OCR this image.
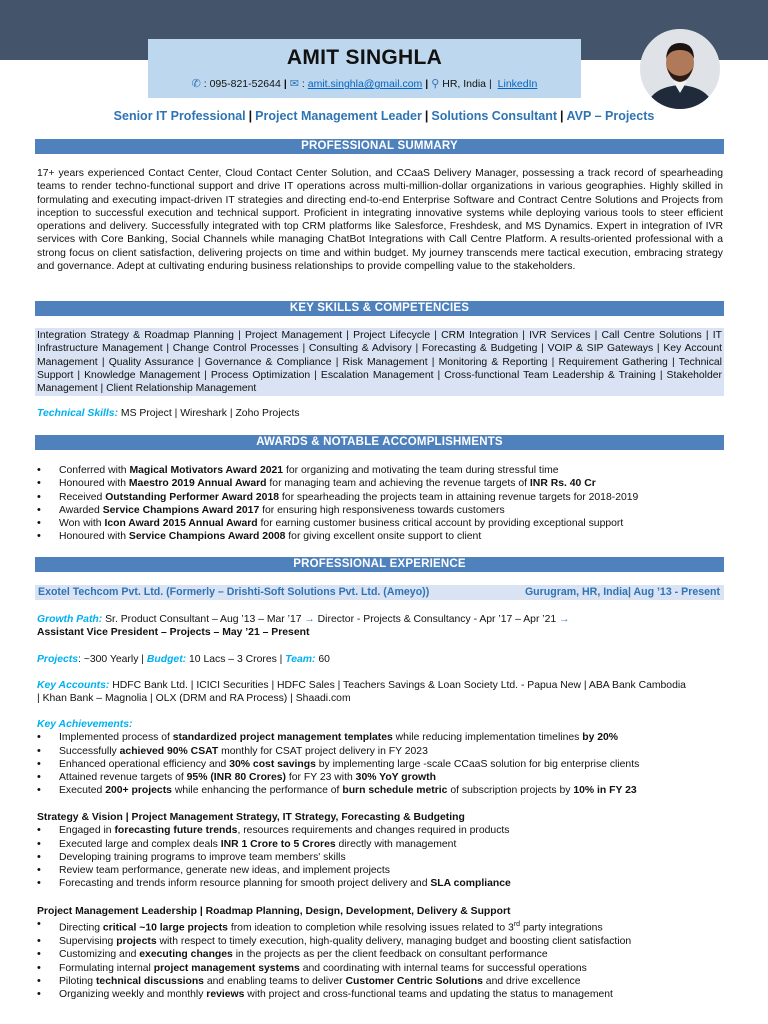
AMIT SINGHLA
✆ : 095-821-52644 | ✉ : amit.singhla@gmail.com | ⚲ HR, India | LinkedIn
Senior IT Professional | Project Management Leader | Solutions Consultant | AVP – Projects
PROFESSIONAL SUMMARY
17+ years experienced Contact Center, Cloud Contact Center Solution, and CCaaS Delivery Manager, possessing a track record of spearheading teams to render techno-functional support and drive IT operations across multi-million-dollar organizations in various geographies. Highly skilled in formulating and executing impact-driven IT strategies and directing end-to-end Enterprise Software and Contract Centre Solutions and Projects from inception to successful execution and technical support. Proficient in integrating innovative systems while deploying various tools to steer efficient operations and delivery. Successfully integrated with top CRM platforms like Salesforce, Freshdesk, and MS Dynamics. Expert in integration of IVR services with Core Banking, Social Channels while managing ChatBot Integrations with Call Centre Platform. A results-oriented professional with a strong focus on client satisfaction, delivering projects on time and within budget. My journey transcends mere tactical execution, embracing strategy and governance. Adept at cultivating enduring business relationships to provide compelling value to the stakeholders.
KEY SKILLS & COMPETENCIES
Integration Strategy & Roadmap Planning | Project Management | Project Lifecycle | CRM Integration | IVR Services | Call Centre Solutions | IT Infrastructure Management | Change Control Processes | Consulting & Advisory | Forecasting & Budgeting | VOIP & SIP Gateways | Key Account Management | Quality Assurance | Governance & Compliance | Risk Management | Monitoring & Reporting | Requirement Gathering | Technical Support | Knowledge Management | Process Optimization | Escalation Management | Cross-functional Team Leadership & Training | Stakeholder Management | Client Relationship Management
Technical Skills: MS Project | Wireshark | Zoho Projects
AWARDS & NOTABLE ACCOMPLISHMENTS
• Conferred with Magical Motivators Award 2021 for organizing and motivating the team during stressful time
• Honoured with Maestro 2019 Annual Award for managing team and achieving the revenue targets of INR Rs. 40 Cr
• Received Outstanding Performer Award 2018 for spearheading the projects team in attaining revenue targets for 2018-2019
• Awarded Service Champions Award 2017 for ensuring high responsiveness towards customers
• Won with Icon Award 2015 Annual Award for earning customer business critical account by providing exceptional support
• Honoured with Service Champions Award 2008 for giving excellent onsite support to client
PROFESSIONAL EXPERIENCE
Exotel Techcom Pvt. Ltd. (Formerly – Drishti-Soft Solutions Pvt. Ltd. (Ameyo))	Gurugram, HR, India| Aug ’13 - Present
Growth Path: Sr. Product Consultant – Aug ’13 – Mar ’17 → Director - Projects & Consultancy - Apr ’17 – Apr ’21 →
Assistant Vice President – Projects – May ’21 – Present
Projects: ~300 Yearly | Budget: 10 Lacs – 3 Crores | Team: 60
Key Accounts: HDFC Bank Ltd. | ICICI Securities | HDFC Sales | Teachers Savings & Loan Society Ltd. - Papua New | ABA Bank Cambodia | Khan Bank – Magnolia | OLX (DRM and RA Process) | Shaadi.com
Key Achievements:
• Implemented process of standardized project management templates while reducing implementation timelines by 20%
• Successfully achieved 90% CSAT monthly for CSAT project delivery in FY 2023
• Enhanced operational efficiency and 30% cost savings by implementing large -scale CCaaS solution for big enterprise clients
• Attained revenue targets of 95% (INR 80 Crores) for FY 23 with 30% YoY growth
• Executed 200+ projects while enhancing the performance of burn schedule metric of subscription projects by 10% in FY 23
Strategy & Vision | Project Management Strategy, IT Strategy, Forecasting & Budgeting
• Engaged in forecasting future trends, resources requirements and changes required in products
• Executed large and complex deals INR 1 Crore to 5 Crores directly with management
• Developing training programs to improve team members' skills
• Review team performance, generate new ideas, and implement projects
• Forecasting and trends inform resource planning for smooth project delivery and SLA compliance
Project Management Leadership | Roadmap Planning, Design, Development, Delivery & Support
• Directing critical ~10 large projects from ideation to completion while resolving issues related to 3rd party integrations
• Supervising projects with respect to timely execution, high-quality delivery, managing budget and boosting client satisfaction
• Customizing and executing changes in the projects as per the client feedback on consultant performance
• Formulating internal project management systems and coordinating with internal teams for successful operations
• Piloting technical discussions and enabling teams to deliver Customer Centric Solutions and drive excellence
• Organizing weekly and monthly reviews with project and cross-functional teams and updating the status to management
